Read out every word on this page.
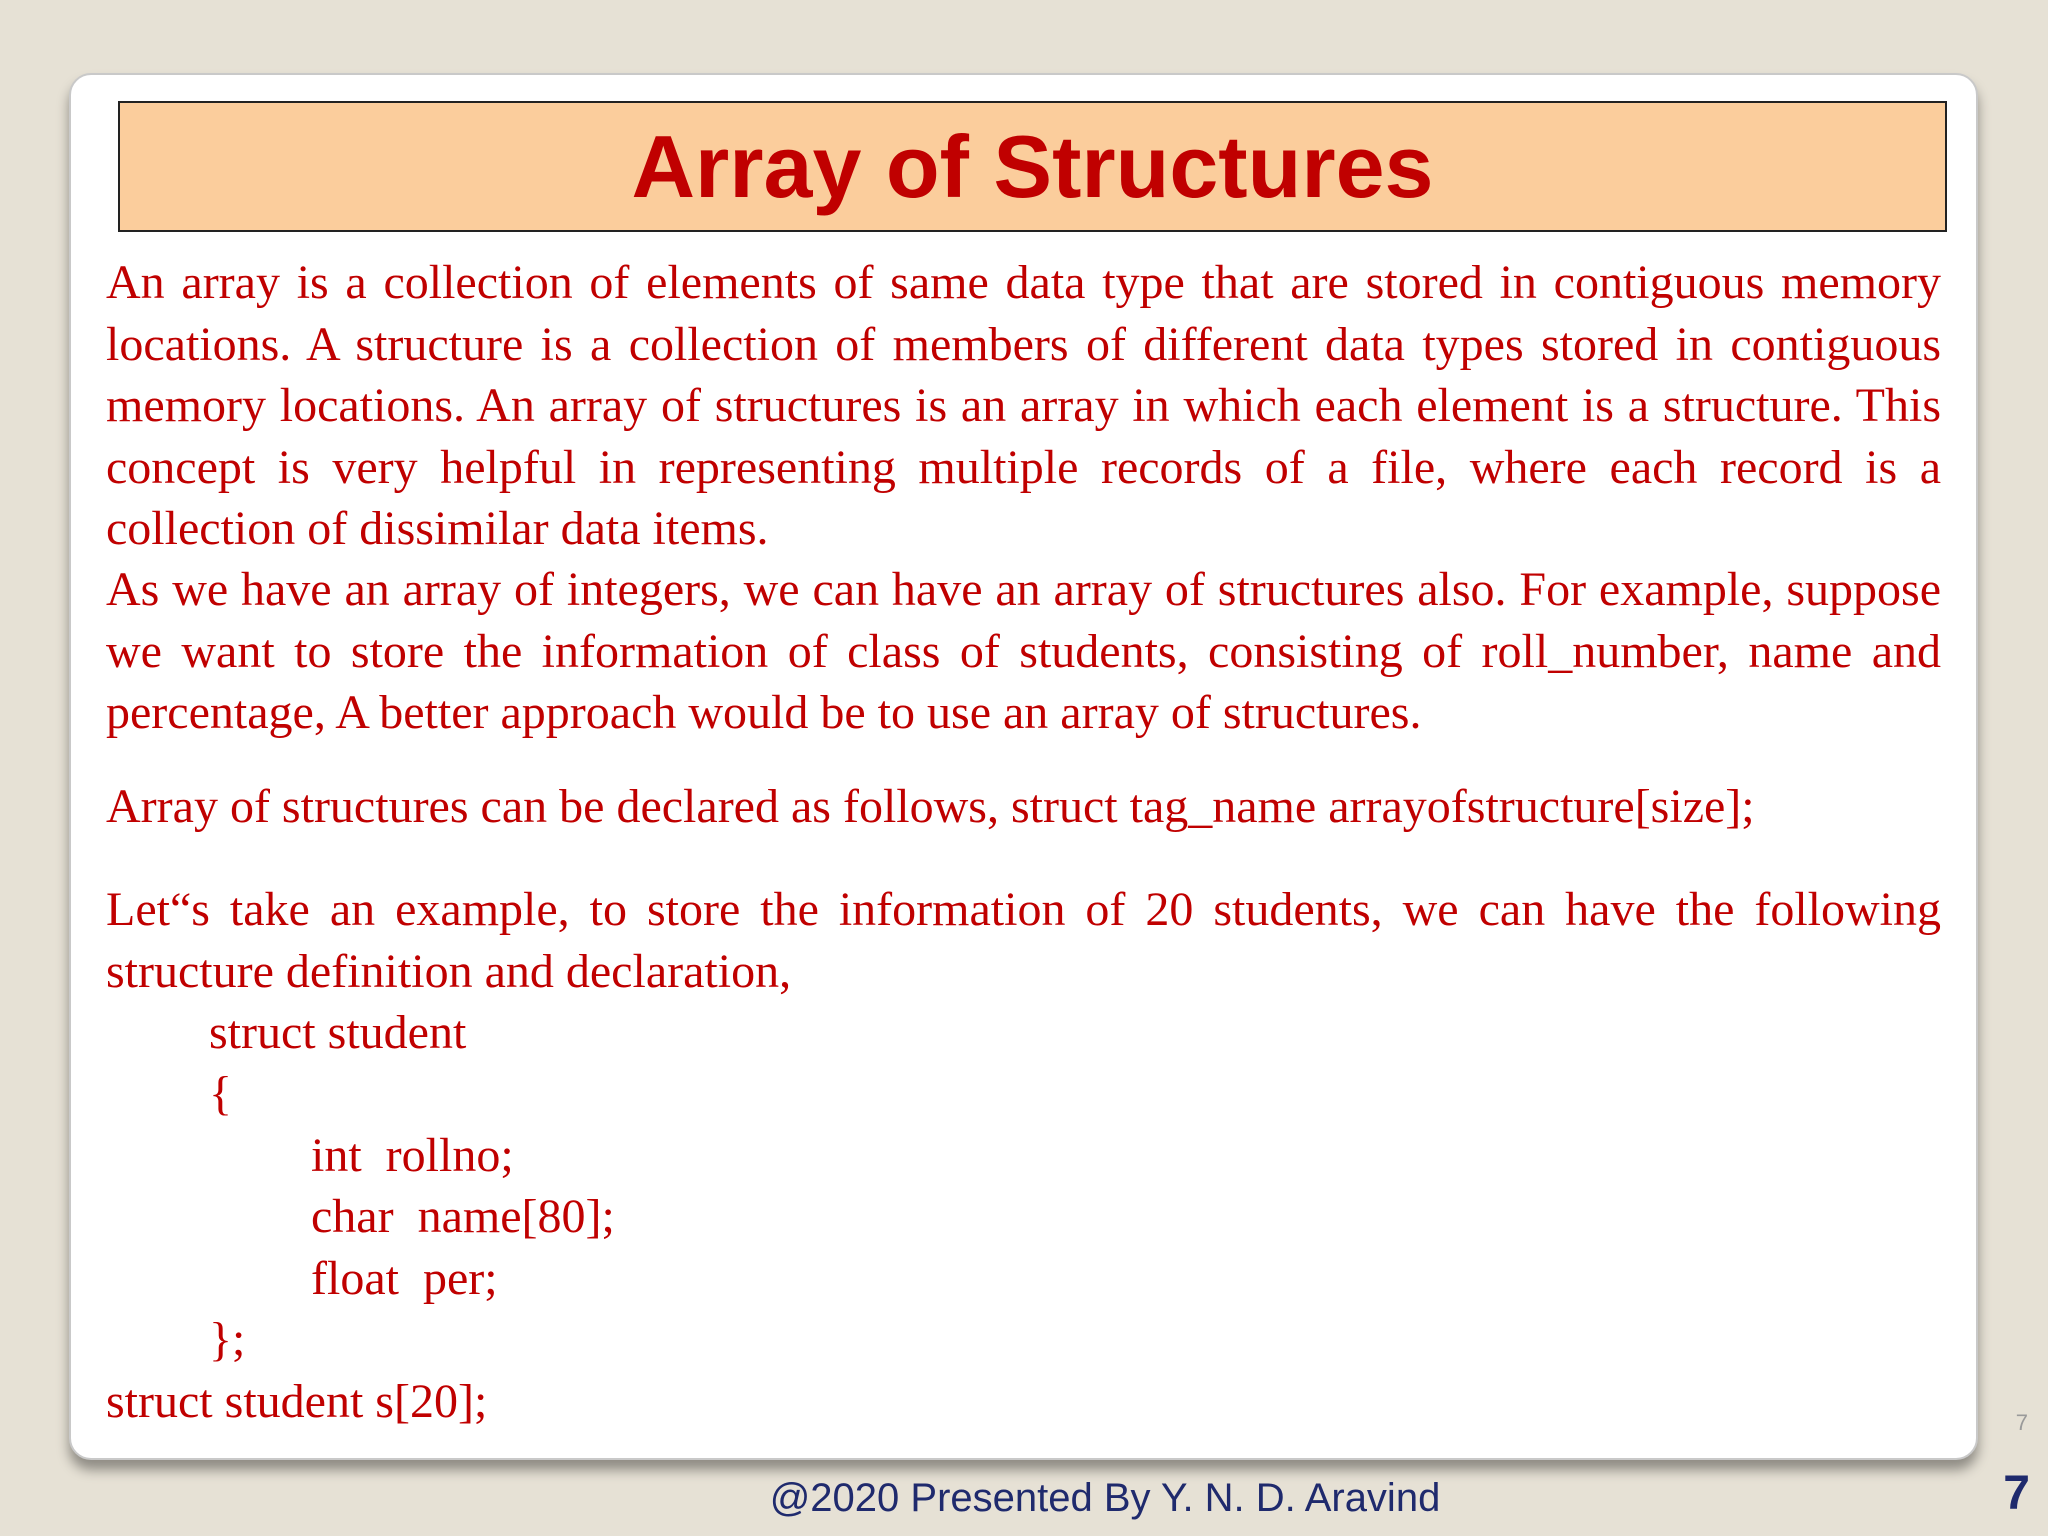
Array of Structures

An array is a collection of elements of same data type that are stored in contiguous memory locations. A structure is a collection of members of different data types stored in contiguous memory locations. An array of structures is an array in which each element is a structure. This concept is very helpful in representing multiple records of a file, where each record is a collection of dissimilar data items.

As we have an array of integers, we can have an array of structures also. For example, suppose we want to store the information of class of students, consisting of roll_number, name and percentage, A better approach would be to use an array of structures.

Array of structures can be declared as follows, struct tag_name arrayofstructure[size];

Let“s take an example, to store the information of 20 students, we can have the following structure definition and declaration,

struct student
{
int  rollno;
char  name[80];
float  per;
};
struct student s[20];	7
@2020 Presented By Y. N. D. Aravind	7
